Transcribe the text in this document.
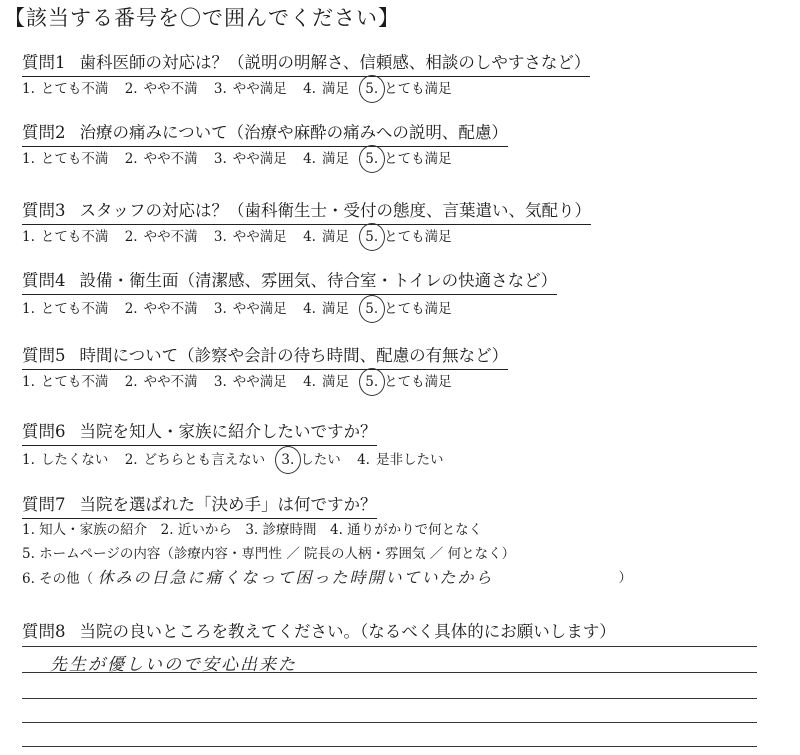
【該当する番号を〇で囲んでください】
質問1 歯科医師の対応は？（説明の明解さ、信頼感、相談のしやすさなど）
1. とても不満 2. やや不満 3. やや満足 4. 満足 5. とても満足
質問2 治療の痛みについて（治療や麻酔の痛みへの説明、配慮）
1. とても不満 2. やや不満 3. やや満足 4. 満足 5. とても満足
質問3 スタッフの対応は？（歯科衛生士・受付の態度、言葉遣い、気配り）
1. とても不満 2. やや不満 3. やや満足 4. 満足 5. とても満足
質問4 設備・衛生面（清潔感、雰囲気、待合室・トイレの快適さなど）
1. とても不満 2. やや不満 3. やや満足 4. 満足 5. とても満足
質問5 時間について（診察や会計の待ち時間、配慮の有無など）
1. とても不満 2. やや不満 3. やや満足 4. 満足 5. とても満足
質問6 当院を知人・家族に紹介したいですか？
1. したくない 2. どちらとも言えない 3. したい 4. 是非したい
質問7 当院を選ばれた「決め手」は何ですか？
1. 知人・家族の紹介　2. 近いから　3. 診療時間　4. 通りがかりで何となく
5. ホームページの内容（診療内容・専門性 ／ 院長の人柄・雰囲気 ／ 何となく）
6. その他（ 休みの日急に痛くなって困った時開いていたから	）
質問8 当院の良いところを教えてください。（なるべく具体的にお願いします）
先生が優しいので安心出来た
